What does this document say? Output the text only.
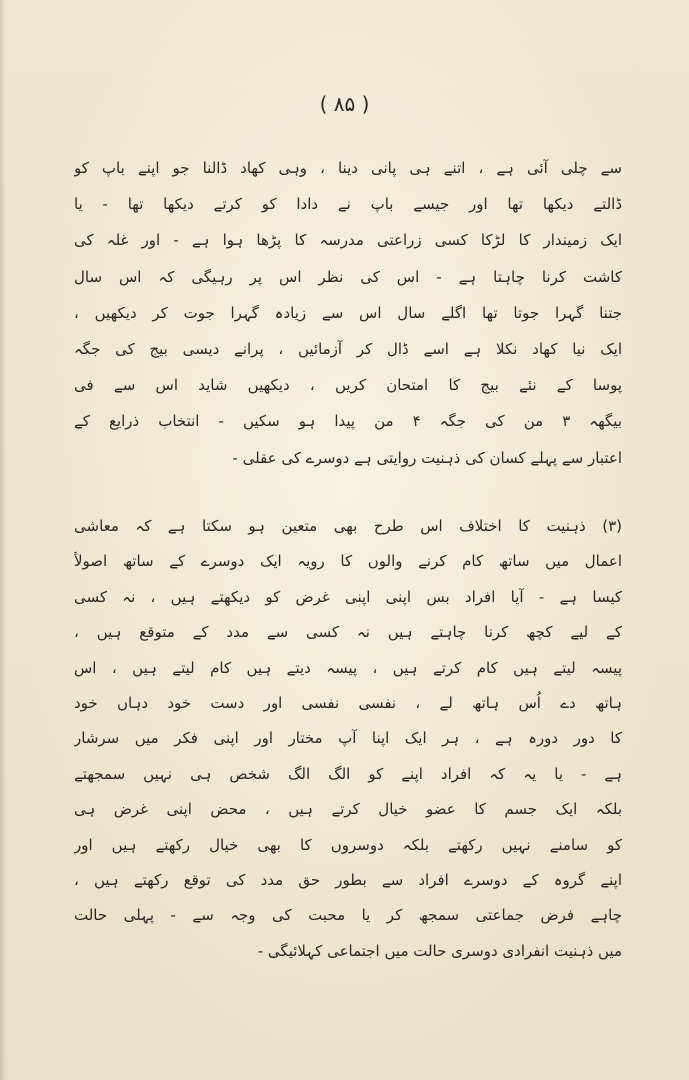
( ۸۵ )
سے چلی آئی ہے ، اتنے ہی پانی دینا ، وہی کھاد ڈالنا جو اپنے باپ کو
ڈالتے دیکھا تھا اور جیسے باپ نے دادا کو کرتے دیکھا تھا - یا
ایک زمیندار کا لڑکا کسی زراعتی مدرسہ کا پڑھا ہوا ہے - اور غلہ کی
کاشت کرنا چاہتا ہے - اس کی نظر اس پر رہیگی کہ اس سال
جتنا گہرا جوتا تھا اگلے سال اس سے زیادہ گہرا جوت کر دیکھیں ،
ایک نیا کھاد نکلا ہے اسے ڈال کر آزمائیں ، پرانے دیسی بیج کی جگہ
پوسا کے نئے بیج کا امتحان کریں ، دیکھیں شاید اس سے فی
بیگھہ ۳ من کی جگہ ۴ من پیدا ہو سکیں - انتخاب ذرایع کے
اعتبار سے پہلے کسان کی ذہنیت روایتی ہے دوسرے کی عقلی -
(۳) ذہنیت کا اختلاف اس طرح بھی متعین ہو سکتا ہے کہ معاشی
اعمال میں ساتھ کام کرنے والوں کا رویہ ایک دوسرے کے ساتھ اصولاً
کیسا ہے - آیا افراد بس اپنی اپنی غرض کو دیکھتے ہیں ، نہ کسی
کے لیے کچھ کرنا چاہتے ہیں نہ کسی سے مدد کے متوقع ہیں ،
پیسہ لیتے ہیں کام کرتے ہیں ، پیسہ دیتے ہیں کام لیتے ہیں ، اس
ہاتھ دے اُس ہاتھ لے ، نفسی نفسی اور دست خود دہاں خود
کا دور دورہ ہے ، ہر ایک اپنا آپ مختار اور اپنی فکر میں سرشار
ہے - یا یہ کہ افراد اپنے کو الگ الگ شخص ہی نہیں سمجھتے
بلکہ ایک جسم کا عضو خیال کرتے ہیں ، محض اپنی غرض ہی
کو سامنے نہیں رکھتے بلکہ دوسروں کا بھی خیال رکھتے ہیں اور
اپنے گروہ کے دوسرے افراد سے بطور حق مدد کی توقع رکھتے ہیں ،
چاہے فرض جماعتی سمجھ کر یا محبت کی وجہ سے - پہلی حالت
میں ذہنیت انفرادی دوسری حالت میں اجتماعی کہلائیگی -
